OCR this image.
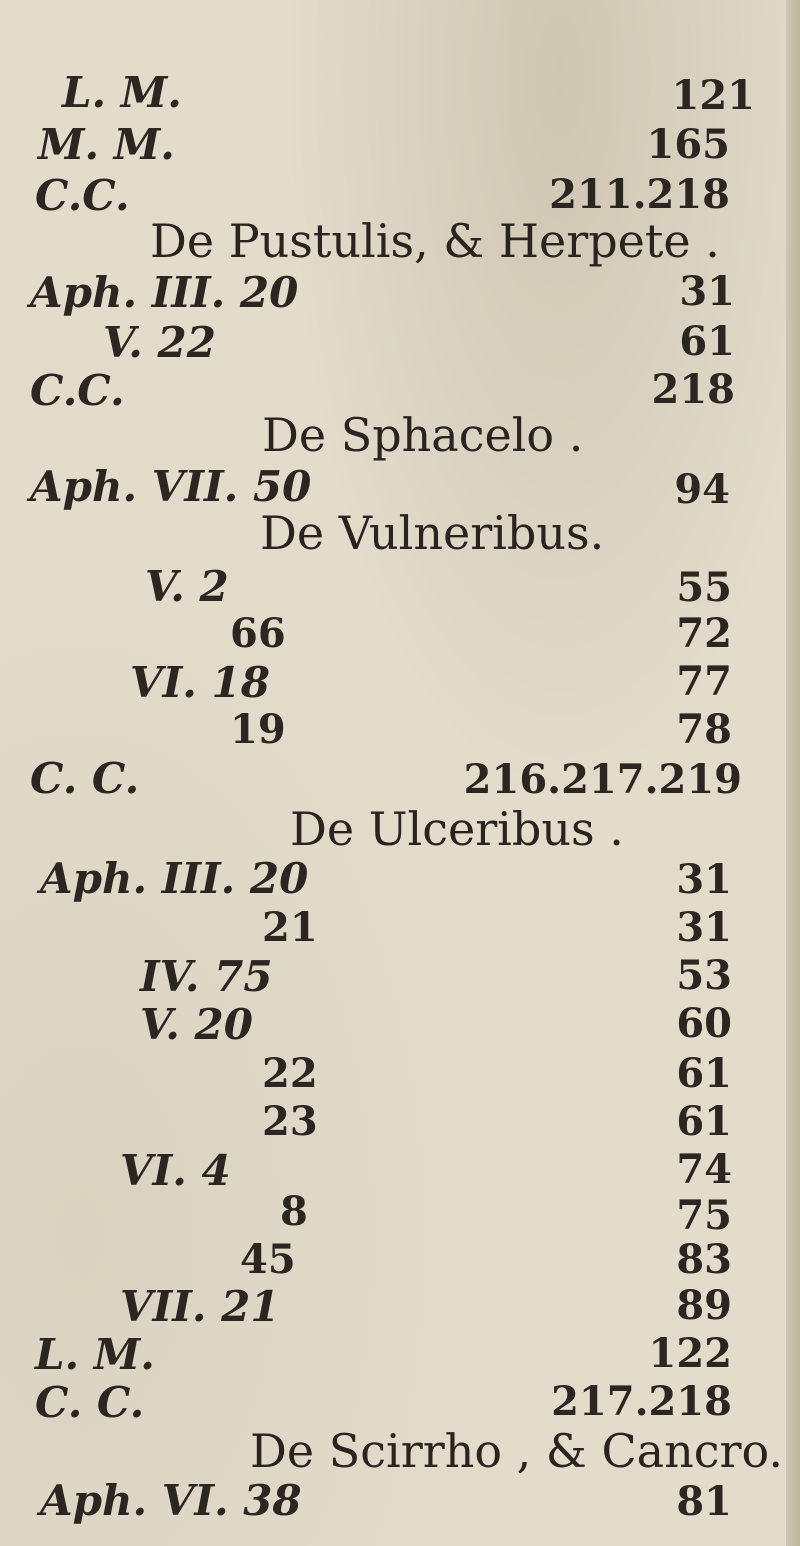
L. M.	121
M. M.	165
C.C.	211.218
De Pustulis, & Herpete .
Aph. III. 20	31
V. 22	61
C.C.	218
De Sphacelo .
Aph. VII. 50	94
De Vulneribus.
V. 2	55
66	72
VI. 18	77
19	78
C. C.	216.217.219
De Ulceribus .
Aph. III. 20	31
21	31
IV. 75	53
V. 20	60
22	61
23	61
VI. 4	74
8	75
45	83
VII. 21	89
L. M.	122
C. C.	217.218
De Scirrho , & Cancro.
Aph. VI. 38	81
